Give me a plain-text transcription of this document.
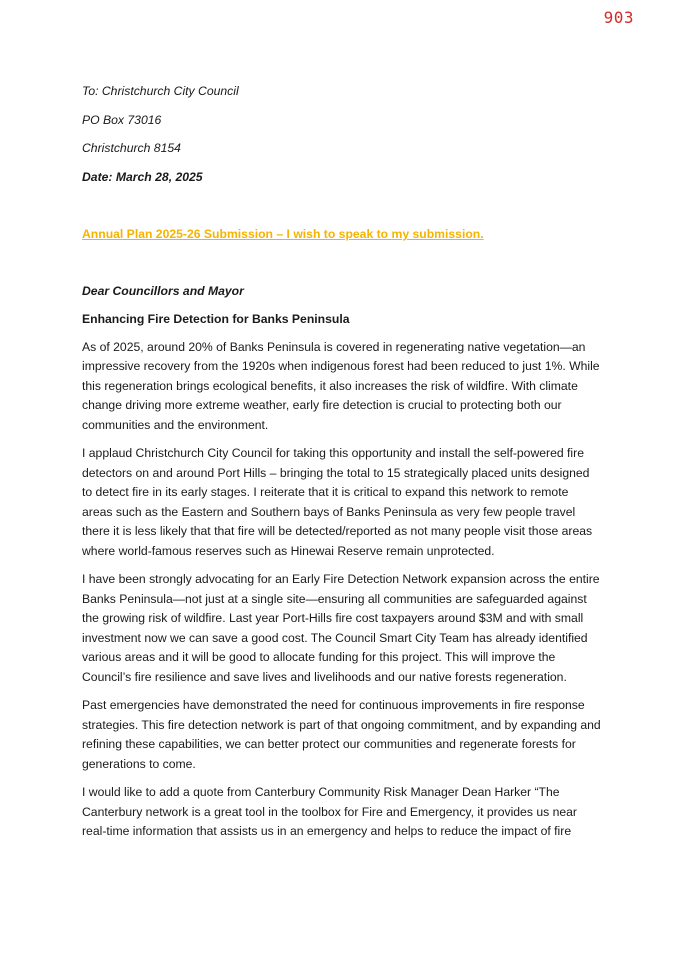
903
To: Christchurch City Council
PO Box 73016
Christchurch 8154
Date: March 28, 2025
Annual Plan 2025-26 Submission – I wish to speak to my submission.
Dear Councillors and Mayor
Enhancing Fire Detection for Banks Peninsula

As of 2025, around 20% of Banks Peninsula is covered in regenerating native vegetation—an impressive recovery from the 1920s when indigenous forest had been reduced to just 1%. While this regeneration brings ecological benefits, it also increases the risk of wildfire. With climate change driving more extreme weather, early fire detection is crucial to protecting both our communities and the environment.

I applaud Christchurch City Council for taking this opportunity and install the self-powered fire detectors on and around Port Hills – bringing the total to 15 strategically placed units designed to detect fire in its early stages. I reiterate that it is critical to expand this network to remote areas such as the Eastern and Southern bays of Banks Peninsula as very few people travel there it is less likely that that fire will be detected/reported as not many people visit those areas where world-famous reserves such as Hinewai Reserve remain unprotected.

I have been strongly advocating for an Early Fire Detection Network expansion across the entire Banks Peninsula—not just at a single site—ensuring all communities are safeguarded against the growing risk of wildfire. Last year Port-Hills fire cost taxpayers around $3M and with small investment now we can save a good cost. The Council Smart City Team has already identified various areas and it will be good to allocate funding for this project. This will improve the Council’s fire resilience and save lives and livelihoods and our native forests regeneration.

Past emergencies have demonstrated the need for continuous improvements in fire response strategies. This fire detection network is part of that ongoing commitment, and by expanding and refining these capabilities, we can better protect our communities and regenerate forests for generations to come.

I would like to add a quote from Canterbury Community Risk Manager Dean Harker “The Canterbury network is a great tool in the toolbox for Fire and Emergency, it provides us near real-time information that assists us in an emergency and helps to reduce the impact of fire
